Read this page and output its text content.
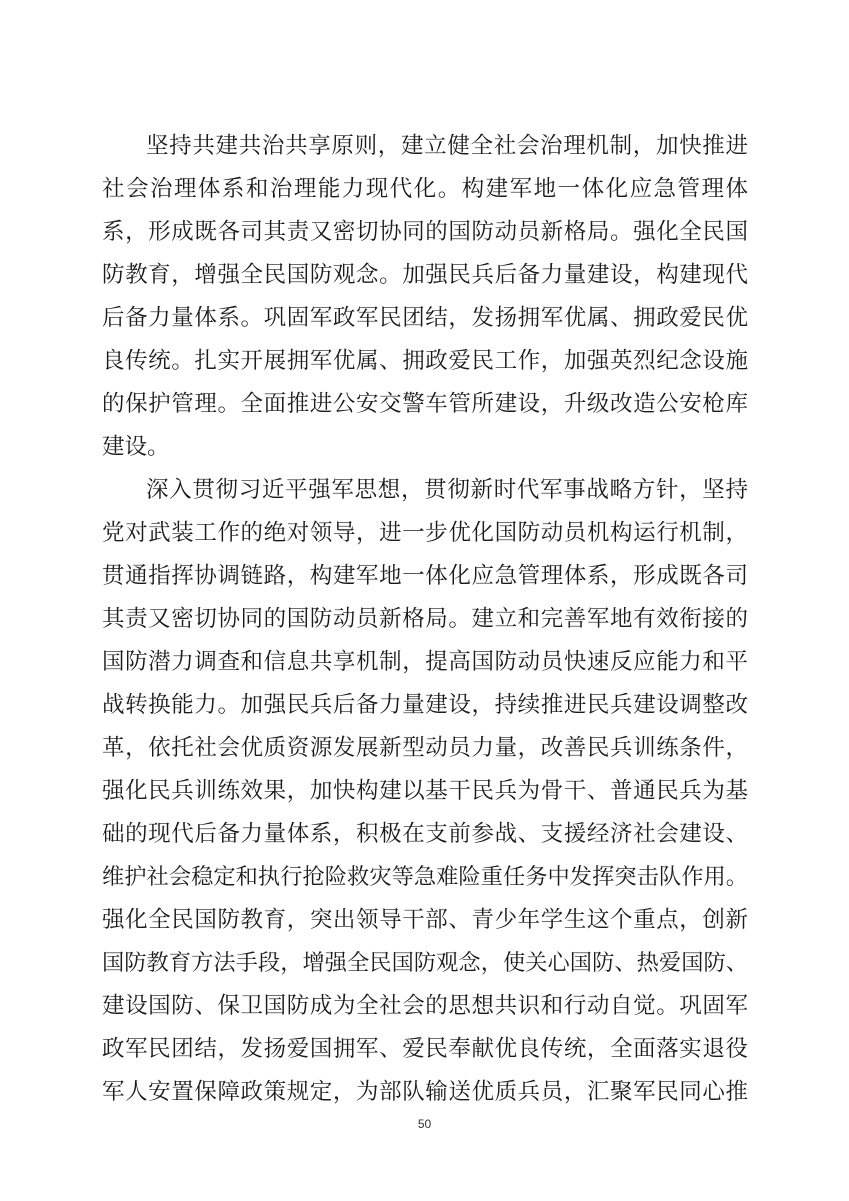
坚持共建共治共享原则，建立健全社会治理机制，加快推进
社会治理体系和治理能力现代化。构建军地一体化应急管理体
系，形成既各司其责又密切协同的国防动员新格局。强化全民国
防教育，增强全民国防观念。加强民兵后备力量建设，构建现代
后备力量体系。巩固军政军民团结，发扬拥军优属、拥政爱民优
良传统。扎实开展拥军优属、拥政爱民工作，加强英烈纪念设施
的保护管理。全面推进公安交警车管所建设，升级改造公安枪库
建设。
深入贯彻习近平强军思想，贯彻新时代军事战略方针，坚持
党对武装工作的绝对领导，进一步优化国防动员机构运行机制，
贯通指挥协调链路，构建军地一体化应急管理体系，形成既各司
其责又密切协同的国防动员新格局。建立和完善军地有效衔接的
国防潜力调查和信息共享机制，提高国防动员快速反应能力和平
战转换能力。加强民兵后备力量建设，持续推进民兵建设调整改
革，依托社会优质资源发展新型动员力量，改善民兵训练条件，
强化民兵训练效果，加快构建以基干民兵为骨干、普通民兵为基
础的现代后备力量体系，积极在支前参战、支援经济社会建设、
维护社会稳定和执行抢险救灾等急难险重任务中发挥突击队作用。
强化全民国防教育，突出领导干部、青少年学生这个重点，创新
国防教育方法手段，增强全民国防观念，使关心国防、热爱国防、
建设国防、保卫国防成为全社会的思想共识和行动自觉。巩固军
政军民团结，发扬爱国拥军、爱民奉献优良传统，全面落实退役
军人安置保障政策规定，为部队输送优质兵员，汇聚军民同心推
50
